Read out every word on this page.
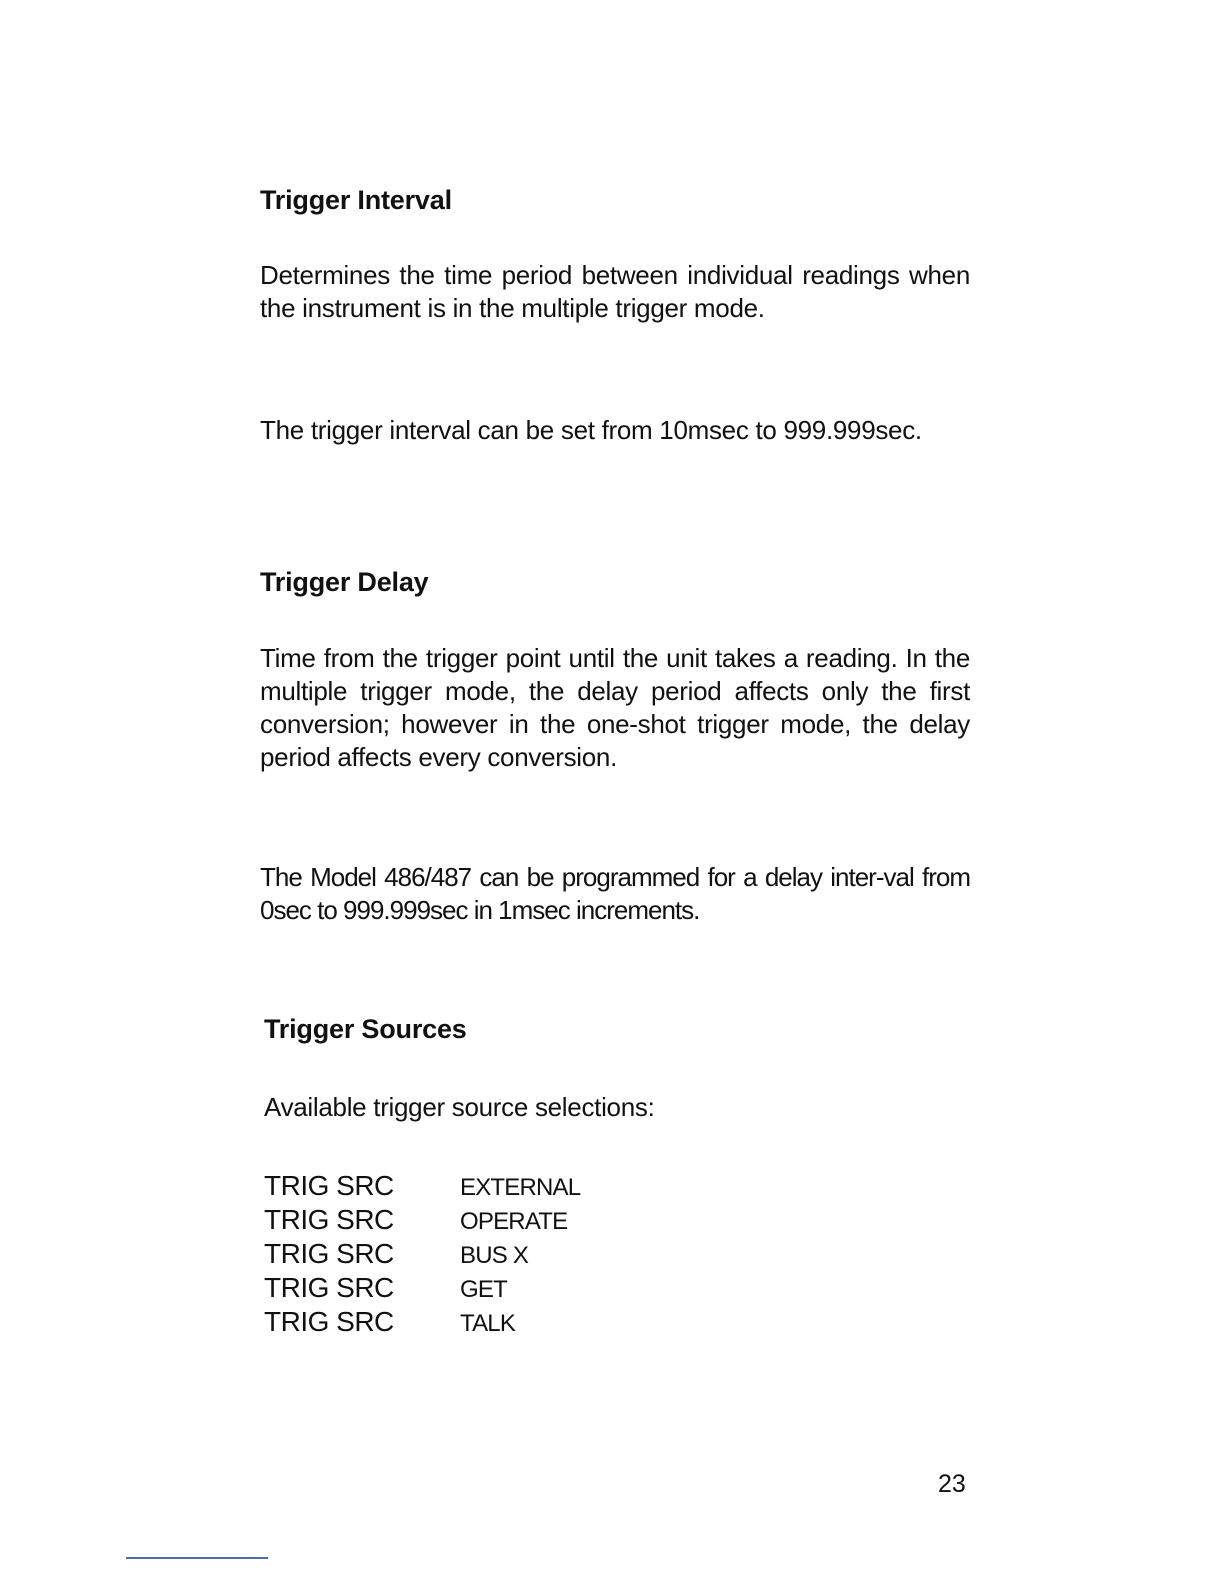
Trigger Interval

Determines the time period between individual readings when the instrument is in the multiple trigger mode.

The trigger interval can be set from 10msec to 999.999sec.

Trigger Delay

Time from the trigger point until the unit takes a reading. In the multiple trigger mode, the delay period affects only the first conversion; however in the one-shot trigger mode, the delay period affects every conversion.

The Model 486/487 can be programmed for a delay inter-val from 0sec to 999.999sec in 1msec increments.

Trigger Sources

Available trigger source selections:

TRIG SRC	EXTERNAL
TRIG SRC	OPERATE
TRIG SRC	BUS X
TRIG SRC	GET
TRIG SRC	TALK

23
